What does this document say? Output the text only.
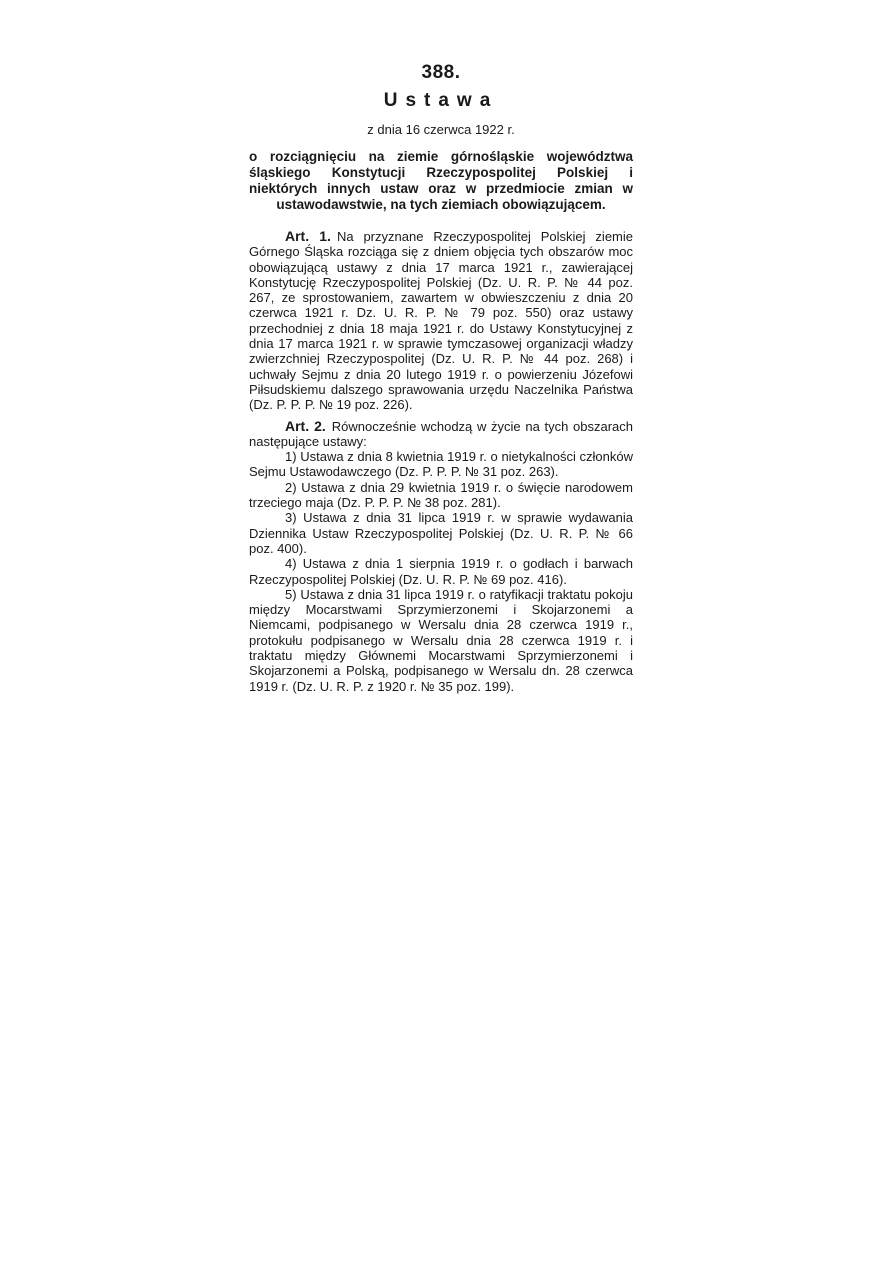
388.
Ustawa
z dnia 16 czerwca 1922 r.
o rozciągnięciu na ziemie górnośląskie województwa śląskiego Konstytucji Rzeczypospolitej Polskiej i niektórych innych ustaw oraz w przedmiocie zmian w ustawodawstwie, na tych ziemiach obowiązującem.

Art. 1. Na przyznane Rzeczypospolitej Polskiej ziemie Górnego Śląska rozciąga się z dniem objęcia tych obszarów moc obowiązującą ustawy z dnia 17 marca 1921 r., zawierającej Konstytucję Rzeczypospolitej Polskiej (Dz. U. R. P. № 44 poz. 267, ze sprostowaniem, zawartem w obwieszczeniu z dnia 20 czerwca 1921 r. Dz. U. R. P. № 79 poz. 550) oraz ustawy przechodniej z dnia 18 maja 1921 r. do Ustawy Konstytucyjnej z dnia 17 marca 1921 r. w sprawie tymczasowej organizacji władzy zwierzchniej Rzeczypospolitej (Dz. U. R. P. № 44 poz. 268) i uchwały Sejmu z dnia 20 lutego 1919 r. o powierzeniu Józefowi Piłsudskiemu dalszego sprawowania urzędu Naczelnika Państwa (Dz. P. P. P. № 19 poz. 226).

Art. 2. Równocześnie wchodzą w życie na tych obszarach następujące ustawy:

1) Ustawa z dnia 8 kwietnia 1919 r. o nietykalności członków Sejmu Ustawodawczego (Dz. P. P. P. № 31 poz. 263).

2) Ustawa z dnia 29 kwietnia 1919 r. o święcie narodowem trzeciego maja (Dz. P. P. P. № 38 poz. 281).

3) Ustawa z dnia 31 lipca 1919 r. w sprawie wydawania Dziennika Ustaw Rzeczypospolitej Polskiej (Dz. U. R. P. № 66 poz. 400).

4) Ustawa z dnia 1 sierpnia 1919 r. o godłach i barwach Rzeczypospolitej Polskiej (Dz. U. R. P. № 69 poz. 416).

5) Ustawa z dnia 31 lipca 1919 r. o ratyfikacji traktatu pokoju między Mocarstwami Sprzymierzonemi i Skojarzonemi a Niemcami, podpisanego w Wersalu dnia 28 czerwca 1919 r., protokułu podpisanego w Wersalu dnia 28 czerwca 1919 r. i traktatu między Głównemi Mocarstwami Sprzymierzonemi i Skojarzonemi a Polską, podpisanego w Wersalu dn. 28 czerwca 1919 r. (Dz. U. R. P. z 1920 r. № 35 poz. 199).
